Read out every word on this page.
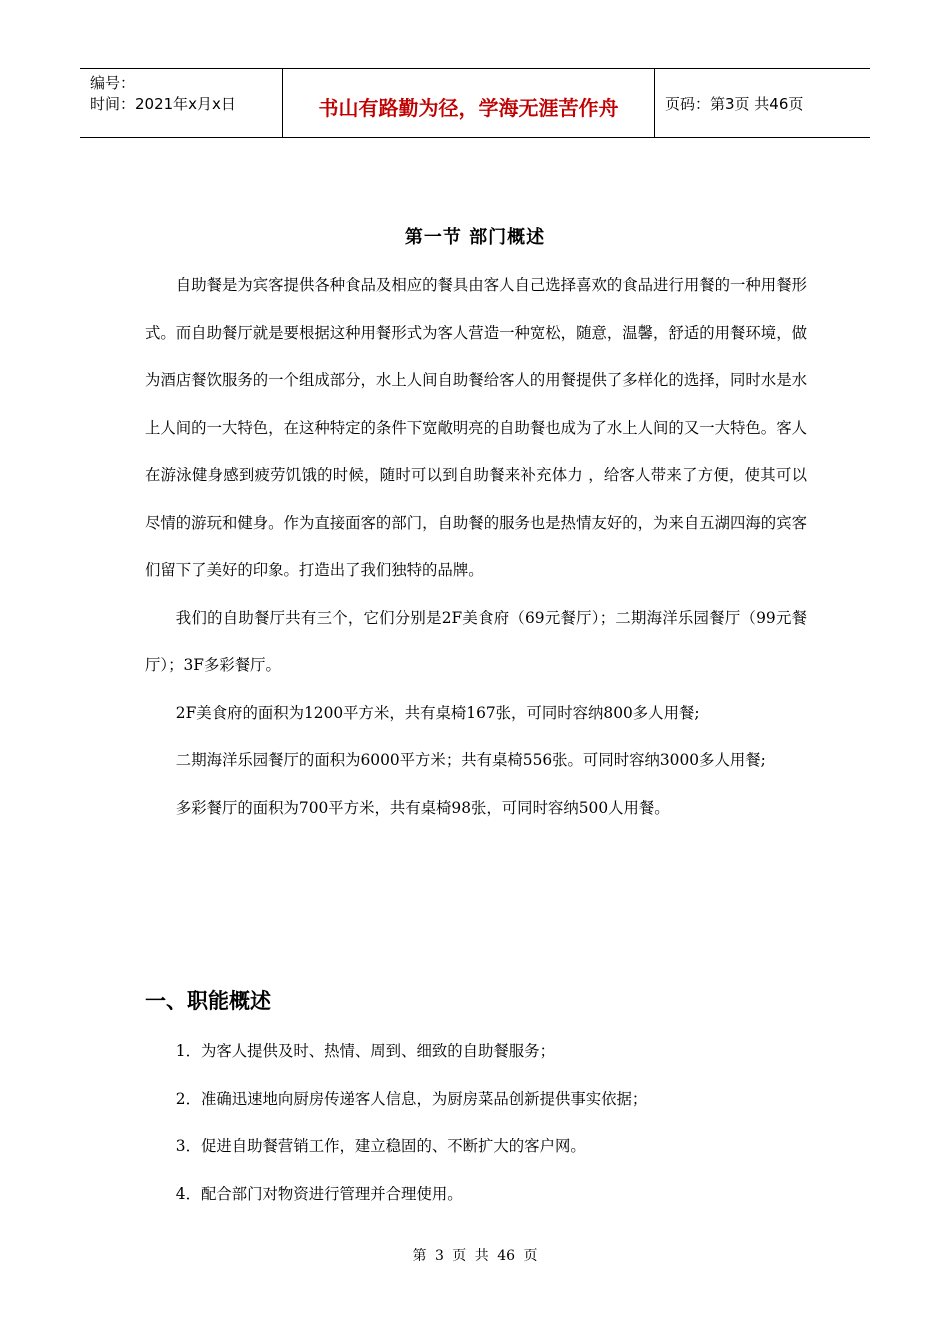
编号：
时间：2021年x月x日	书山有路勤为径，学海无涯苦作舟	页码：第3页 共46页
第一节 部门概述

自助餐是为宾客提供各种食品及相应的餐具由客人自己选择喜欢的食品进行用餐的一种用餐形式。而自助餐厅就是要根据这种用餐形式为客人营造一种宽松，随意，温馨，舒适的用餐环境，做为酒店餐饮服务的一个组成部分，水上人间自助餐给客人的用餐提供了多样化的选择，同时水是水上人间的一大特色，在这种特定的条件下宽敞明亮的自助餐也成为了水上人间的又一大特色。客人在游泳健身感到疲劳饥饿的时候，随时可以到自助餐来补充体力 ，给客人带来了方便，使其可以尽情的游玩和健身。作为直接面客的部门，自助餐的服务也是热情友好的，为来自五湖四海的宾客们留下了美好的印象。打造出了我们独特的品牌。

我们的自助餐厅共有三个，它们分别是2F美食府（69元餐厅）；二期海洋乐园餐厅（99元餐厅）；3F多彩餐厅。

2F美食府的面积为1200平方米，共有桌椅167张，可同时容纳800多人用餐;

二期海洋乐园餐厅的面积为6000平方米；共有桌椅556张。可同时容纳3000多人用餐;

多彩餐厅的面积为700平方米，共有桌椅98张，可同时容纳500人用餐。

一、职能概述

1．为客人提供及时、热情、周到、细致的自助餐服务；

2．准确迅速地向厨房传递客人信息，为厨房菜品创新提供事实依据；

3．促进自助餐营销工作，建立稳固的、不断扩大的客户网。

4．配合部门对物资进行管理并合理使用。

第 3 页 共 46 页
